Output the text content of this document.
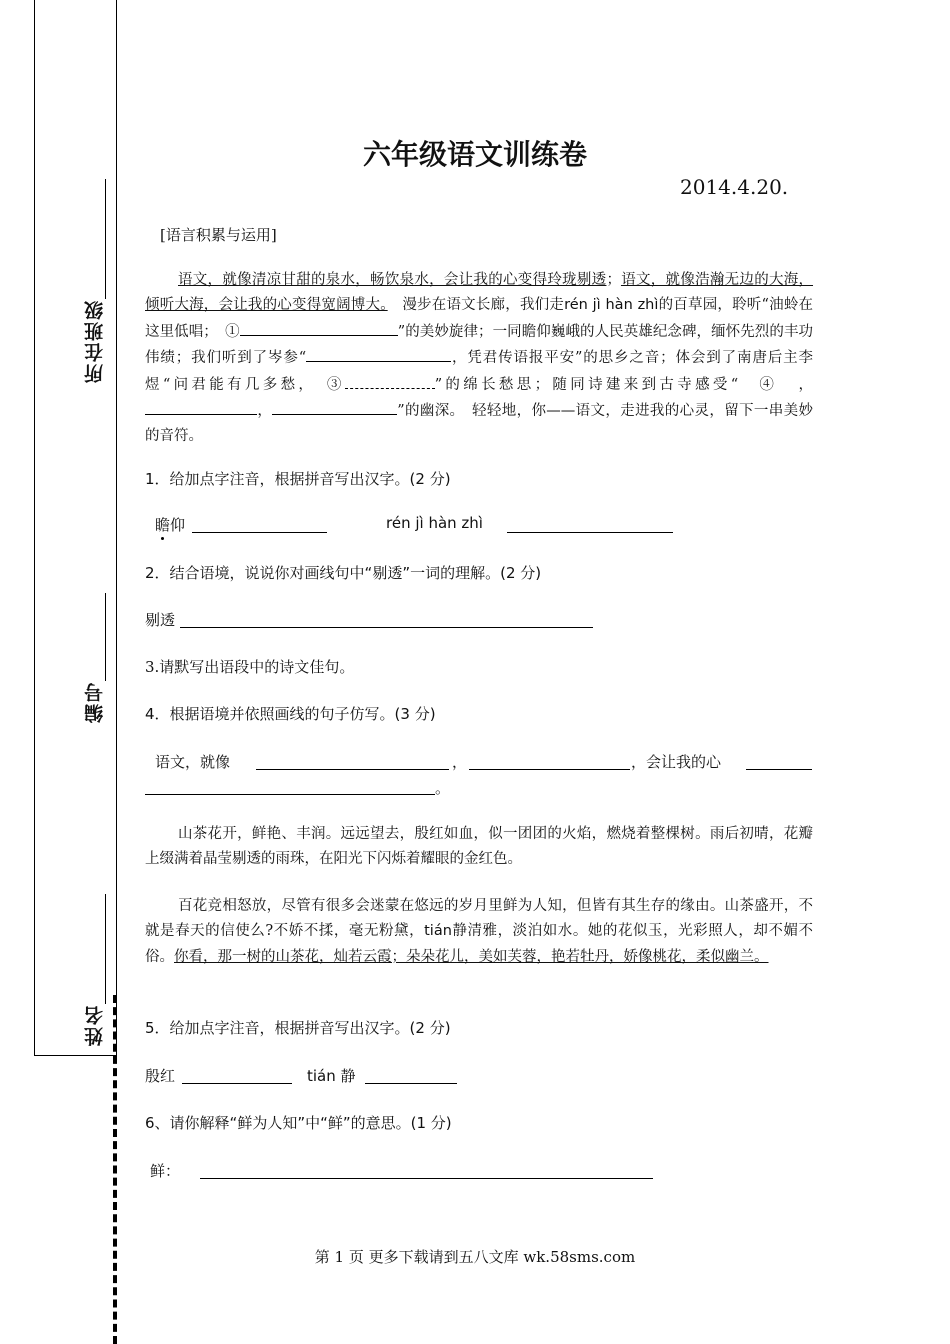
所在班级
编号
姓名
六年级语文训练卷
2014.4.20.
[语言积累与运用]
语文，就像清凉甘甜的泉水，畅饮泉水，会让我的心变得玲珑剔透；语文，就像浩瀚无边的大海，倾听大海，会让我的心变得宽阔博大。　漫步在语文长廊，我们走rén jì hàn zhì的百草园，聆听“油蛉在这里低唱；　①	”的美妙旋律；一同瞻仰巍峨的人民英雄纪念碑，缅怀先烈的丰功伟绩；我们听到了岑参“	，凭君传语报平安”的思乡之音；体会到了南唐后主李煜“问君能有几多愁，　③	”的绵长愁思；随同诗建来到古寺感受“　④ ，，	”的幽深。　轻轻地，你——语文，走进我的心灵，留下一串美妙的音符。
1．给加点字注音，根据拼音写出汉字。(2 分)
瞻仰	rén jì hàn zhì
2．结合语境，说说你对画线句中“剔透”一词的理解。(2 分)
剔透
3.请默写出语段中的诗文佳句。
4．根据语境并依照画线的句子仿写。(3 分)
语文，就像	，	，会让我的心
。
山茶花开，鲜艳、丰润。远远望去，殷红如血，似一团团的火焰，燃烧着整棵树。雨后初晴，花瓣上缀满着晶莹剔透的雨珠，在阳光下闪烁着耀眼的金红色。
百花竞相怒放，尽管有很多会迷蒙在悠远的岁月里鲜为人知，但皆有其生存的缘由。山茶盛开，不就是春天的信使么?不娇不揉，毫无粉黛，tián静清雅，淡泊如水。她的花似玉，光彩照人，却不媚不俗。你看，那一树的山茶花，灿若云霞；朵朵花儿，美如芙蓉，艳若牡丹，娇像桃花，柔似幽兰。
5．给加点字注音，根据拼音写出汉字。(2 分)
殷红	tián 静
6、请你解释“鲜为人知”中“鲜”的意思。(1 分)
鲜：
第 1 页 更多下载请到五八文库 wk.58sms.com
